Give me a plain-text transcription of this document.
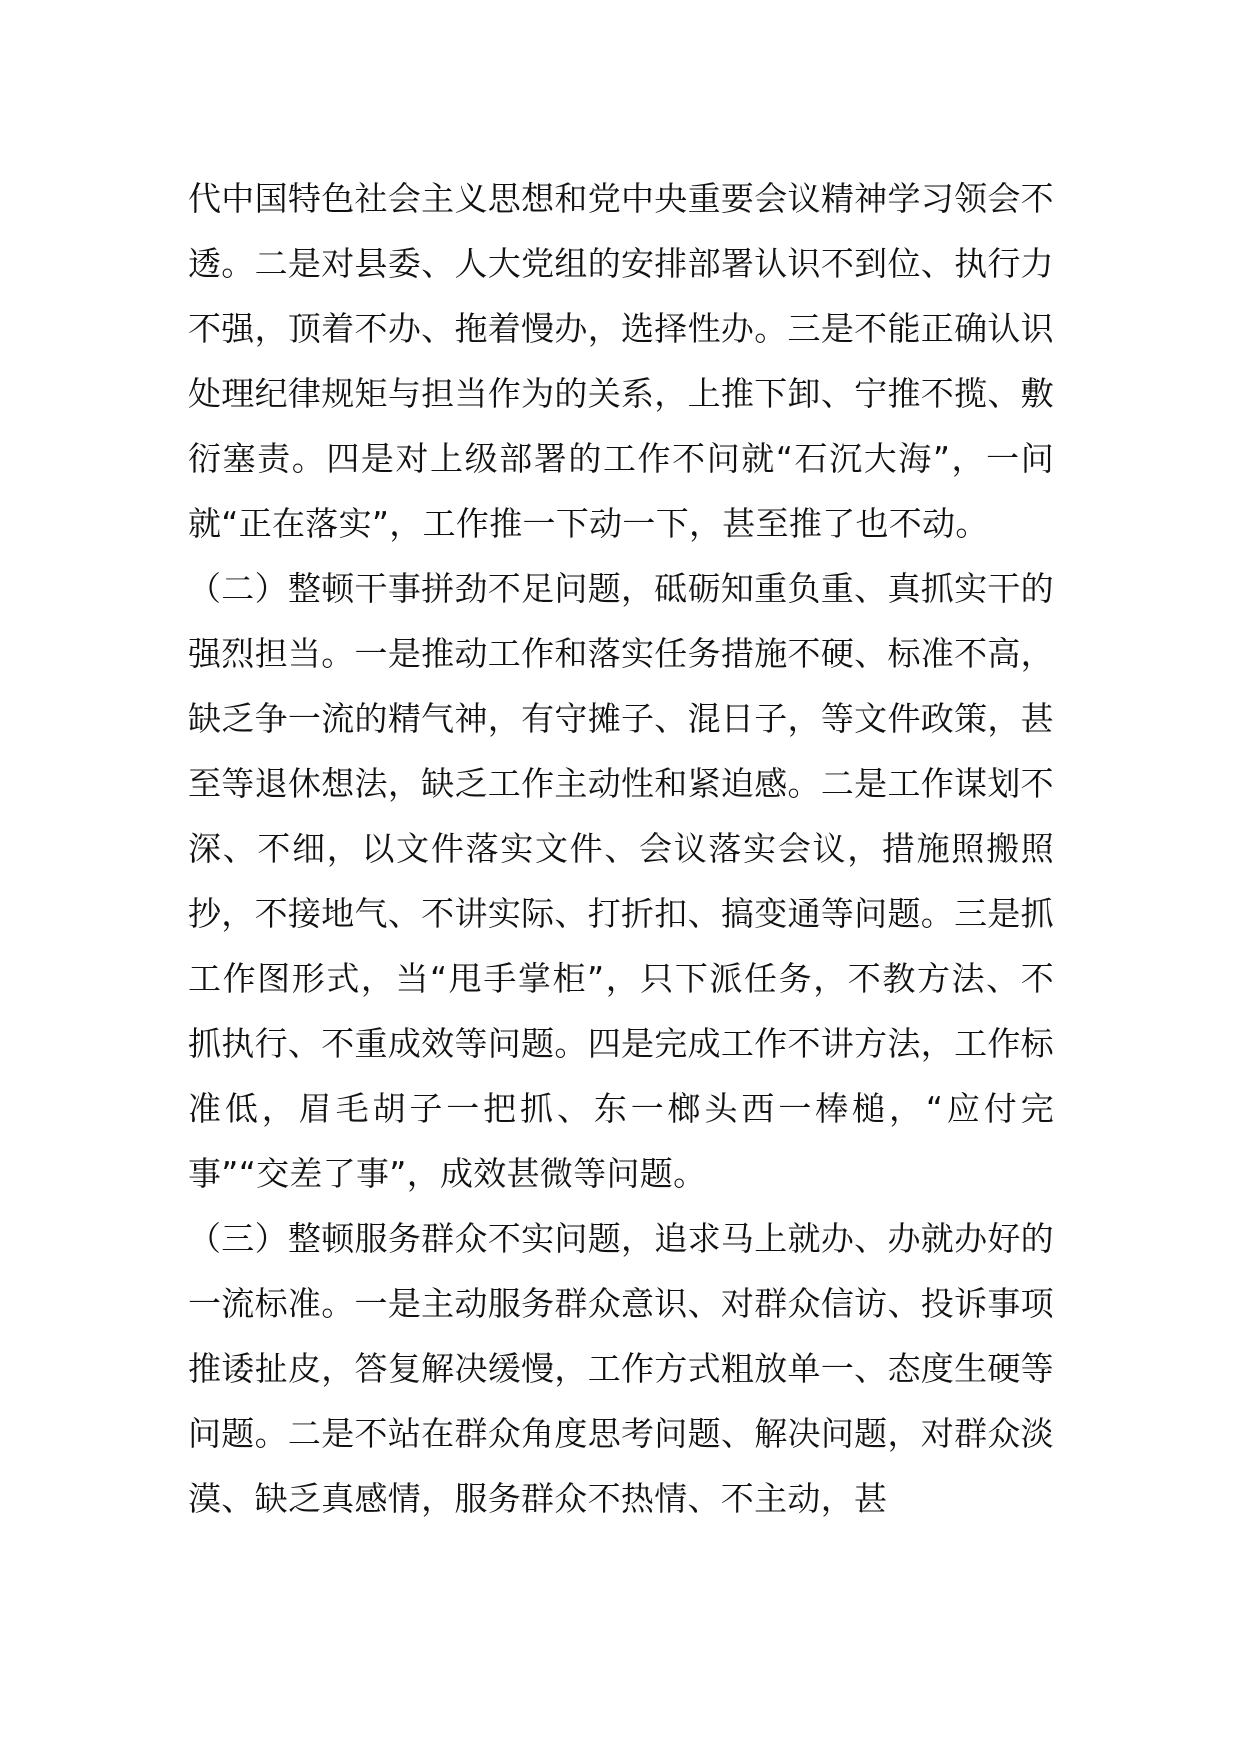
代中国特色社会主义思想和党中央重要会议精神学习领会不透。二是对县委、人大党组的安排部署认识不到位、执行力不强，顶着不办、拖着慢办，选择性办。三是不能正确认识处理纪律规矩与担当作为的关系，上推下卸、宁推不揽、敷衍塞责。四是对上级部署的工作不问就“石沉大海”，一问就“正在落实”，工作推一下动一下，甚至推了也不动。

（二）整顿干事拼劲不足问题，砥砺知重负重、真抓实干的强烈担当。一是推动工作和落实任务措施不硬、标准不高，缺乏争一流的精气神，有守摊子、混日子，等文件政策，甚至等退休想法，缺乏工作主动性和紧迫感。二是工作谋划不深、不细，以文件落实文件、会议落实会议，措施照搬照抄，不接地气、不讲实际、打折扣、搞变通等问题。三是抓工作图形式，当“甩手掌柜”，只下派任务，不教方法、不抓执行、不重成效等问题。四是完成工作不讲方法，工作标准低，眉毛胡子一把抓、东一榔头西一棒槌，“应付完事”“交差了事”，成效甚微等问题。

（三）整顿服务群众不实问题，追求马上就办、办就办好的一流标准。一是主动服务群众意识、对群众信访、投诉事项推诿扯皮，答复解决缓慢，工作方式粗放单一、态度生硬等问题。二是不站在群众角度思考问题、解决问题，对群众淡漠、缺乏真感情，服务群众不热情、不主动，甚
